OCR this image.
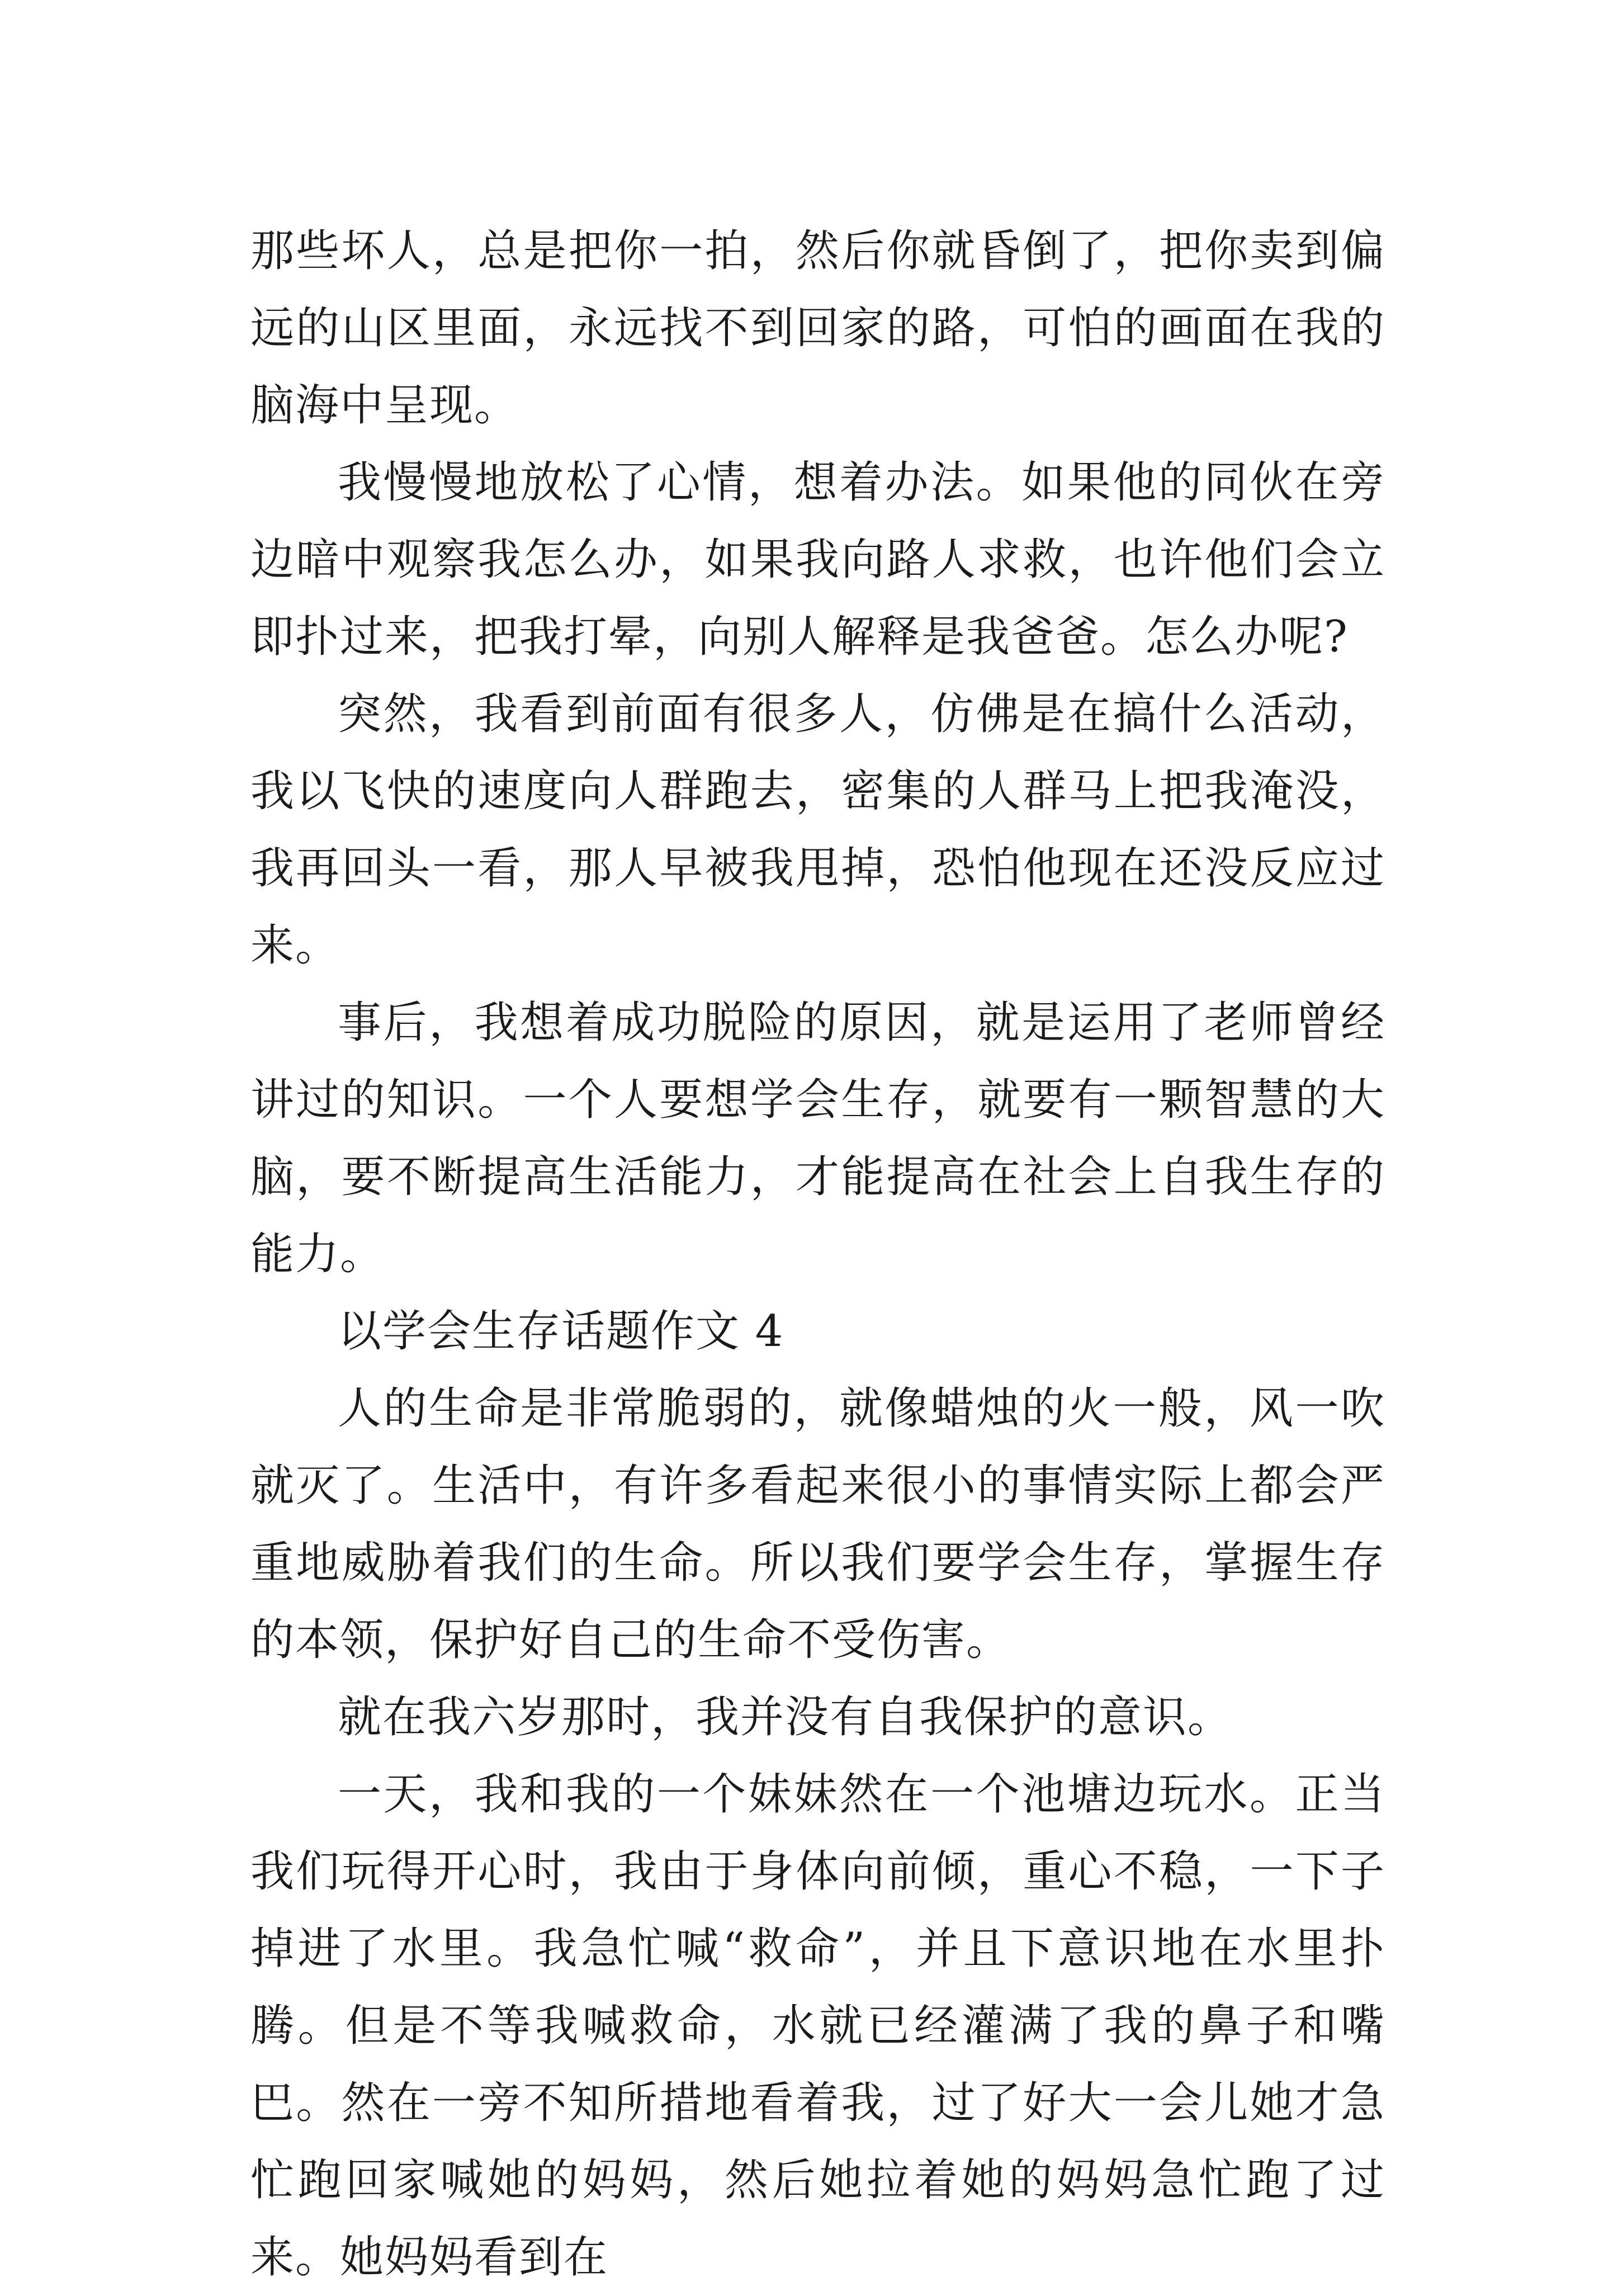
那些坏人，总是把你一拍，然后你就昏倒了，把你卖到偏远的山区里面，永远找不到回家的路，可怕的画面在我的脑海中呈现。

我慢慢地放松了心情，想着办法。如果他的同伙在旁边暗中观察我怎么办，如果我向路人求救，也许他们会立即扑过来，把我打晕，向别人解释是我爸爸。怎么办呢?

突然，我看到前面有很多人，仿佛是在搞什么活动，我以飞快的速度向人群跑去，密集的人群马上把我淹没，我再回头一看，那人早被我甩掉，恐怕他现在还没反应过来。

事后，我想着成功脱险的原因，就是运用了老师曾经讲过的知识。一个人要想学会生存，就要有一颗智慧的大脑，要不断提高生活能力，才能提高在社会上自我生存的能力。

以学会生存话题作文 4

人的生命是非常脆弱的，就像蜡烛的火一般，风一吹就灭了。生活中，有许多看起来很小的事情实际上都会严重地威胁着我们的生命。所以我们要学会生存，掌握生存的本领，保护好自己的生命不受伤害。

就在我六岁那时，我并没有自我保护的意识。

一天，我和我的一个妹妹然在一个池塘边玩水。正当我们玩得开心时，我由于身体向前倾，重心不稳，一下子掉进了水里。我急忙喊“救命”，并且下意识地在水里扑腾。但是不等我喊救命，水就已经灌满了我的鼻子和嘴巴。然在一旁不知所措地看着我，过了好大一会儿她才急忙跑回家喊她的妈妈，然后她拉着她的妈妈急忙跑了过来。她妈妈看到在
